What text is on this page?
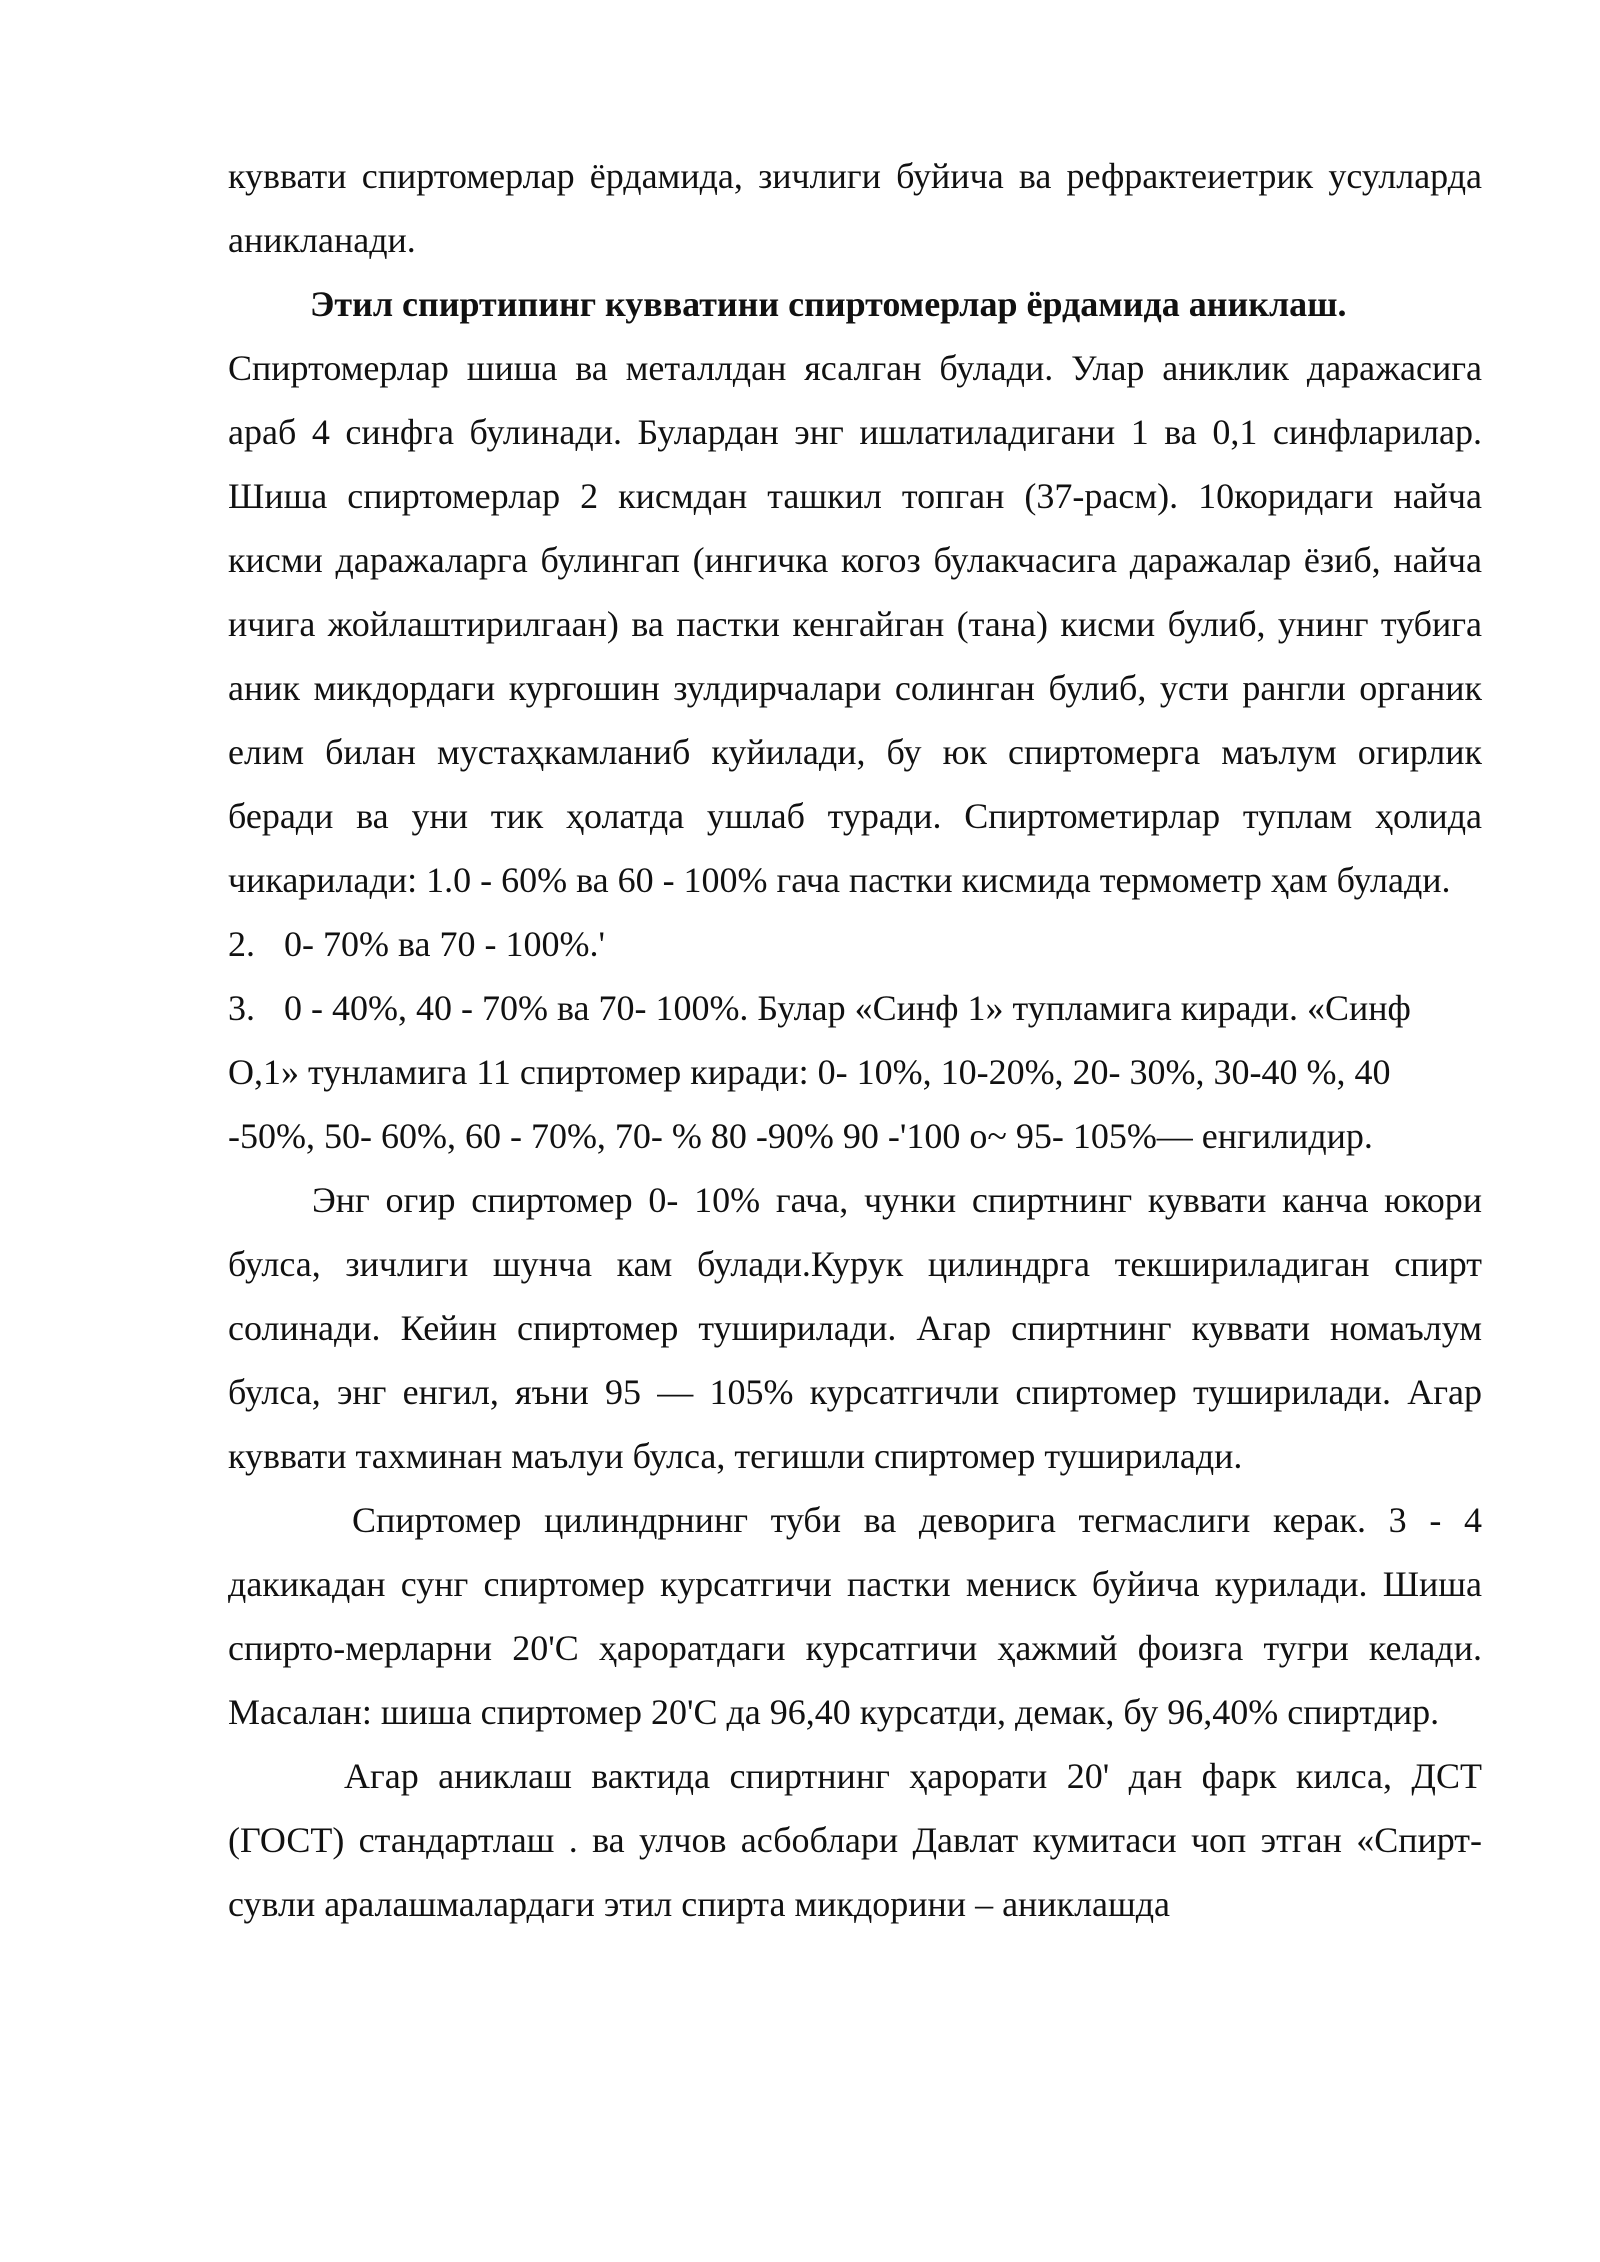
куввати спиртомерлар ёрдамида, зичлиги буйича ва рефрактеиетрик усулларда аникланади.

Этил спиртипинг кувватини спиртомерлар ёрдамида аниклаш.

Спиртомерлар шиша ва металлдан ясалган булади. Улар аниклик даражасига араб 4 синфга булинади. Булардан энг ишлатиладигани 1 ва 0,1 синфларилар. Шиша спиртомерлар 2 кисмдан ташкил топган (37-расм). 10коридаги найча кисми даражаларга булингап (ингичка когоз булакчасига даражалар ёзиб, найча ичига жойлаштирилгаан) ва пастки кенгайган (тана) кисми булиб, унинг тубига аник микдордаги кургошин зулдирчалари солинган булиб, усти рангли органик елим билан мустаҳкамланиб куйилади, бу юк спиртомерга маълум огирлик беради ва уни тик ҳолатда ушлаб туради. Спиртометирлар туплам ҳолида чикарилади: 1.0 - 60% ва 60 - 100% гача пастки кисмида термометр ҳам булади.

2. 0- 70% ва 70 - 100%.'
3. 0 - 40%, 40 - 70% ва 70- 100%. Булар «Синф 1» тупламига киради. «Синф

О,1» тунламига 11 спиртомер киради: 0- 10%, 10-20%, 20- 30%, 30-40 %, 40

-50%, 50- 60%, 60 - 70%, 70- % 80 -90% 90 -'100 о~ 95- 105%— енгилидир.

Энг огир спиртомер 0- 10% гача, чунки спиртнинг куввати канча юкори булса, зичлиги шунча кам булади.Курук цилиндрга текшириладиган спирт солинади. Кейин спиртомер туширилади. Агар спиртнинг куввати номаълум булса, энг енгил, яъни 95 — 105% курсатгичли спиртомер туширилади. Агар куввати тахминан маълуи булса, тегишли спиртомер туширилади.

Спиртомер цилиндрнинг туби ва деворига тегмаслиги керак. 3 - 4 дакикадан сунг спиртомер курсатгичи пастки мениск буйича курилади. Шиша спирто-мерларни 20'С ҳароратдаги курсатгичи ҳажмий фоизга тугри келади. Масалан: шиша спиртомер 20'С да 96,40 курсатди, демак, бу 96,40% спиртдир.

Агар аниклаш вактида спиртнинг ҳарорати 20' дан фарк килса, ДСТ (ГОСТ) стандартлаш . ва улчов асбоблари Давлат кумитаси чоп этган «Спирт-сувли аралашмалардаги этил спирта микдорини – аниклашда
